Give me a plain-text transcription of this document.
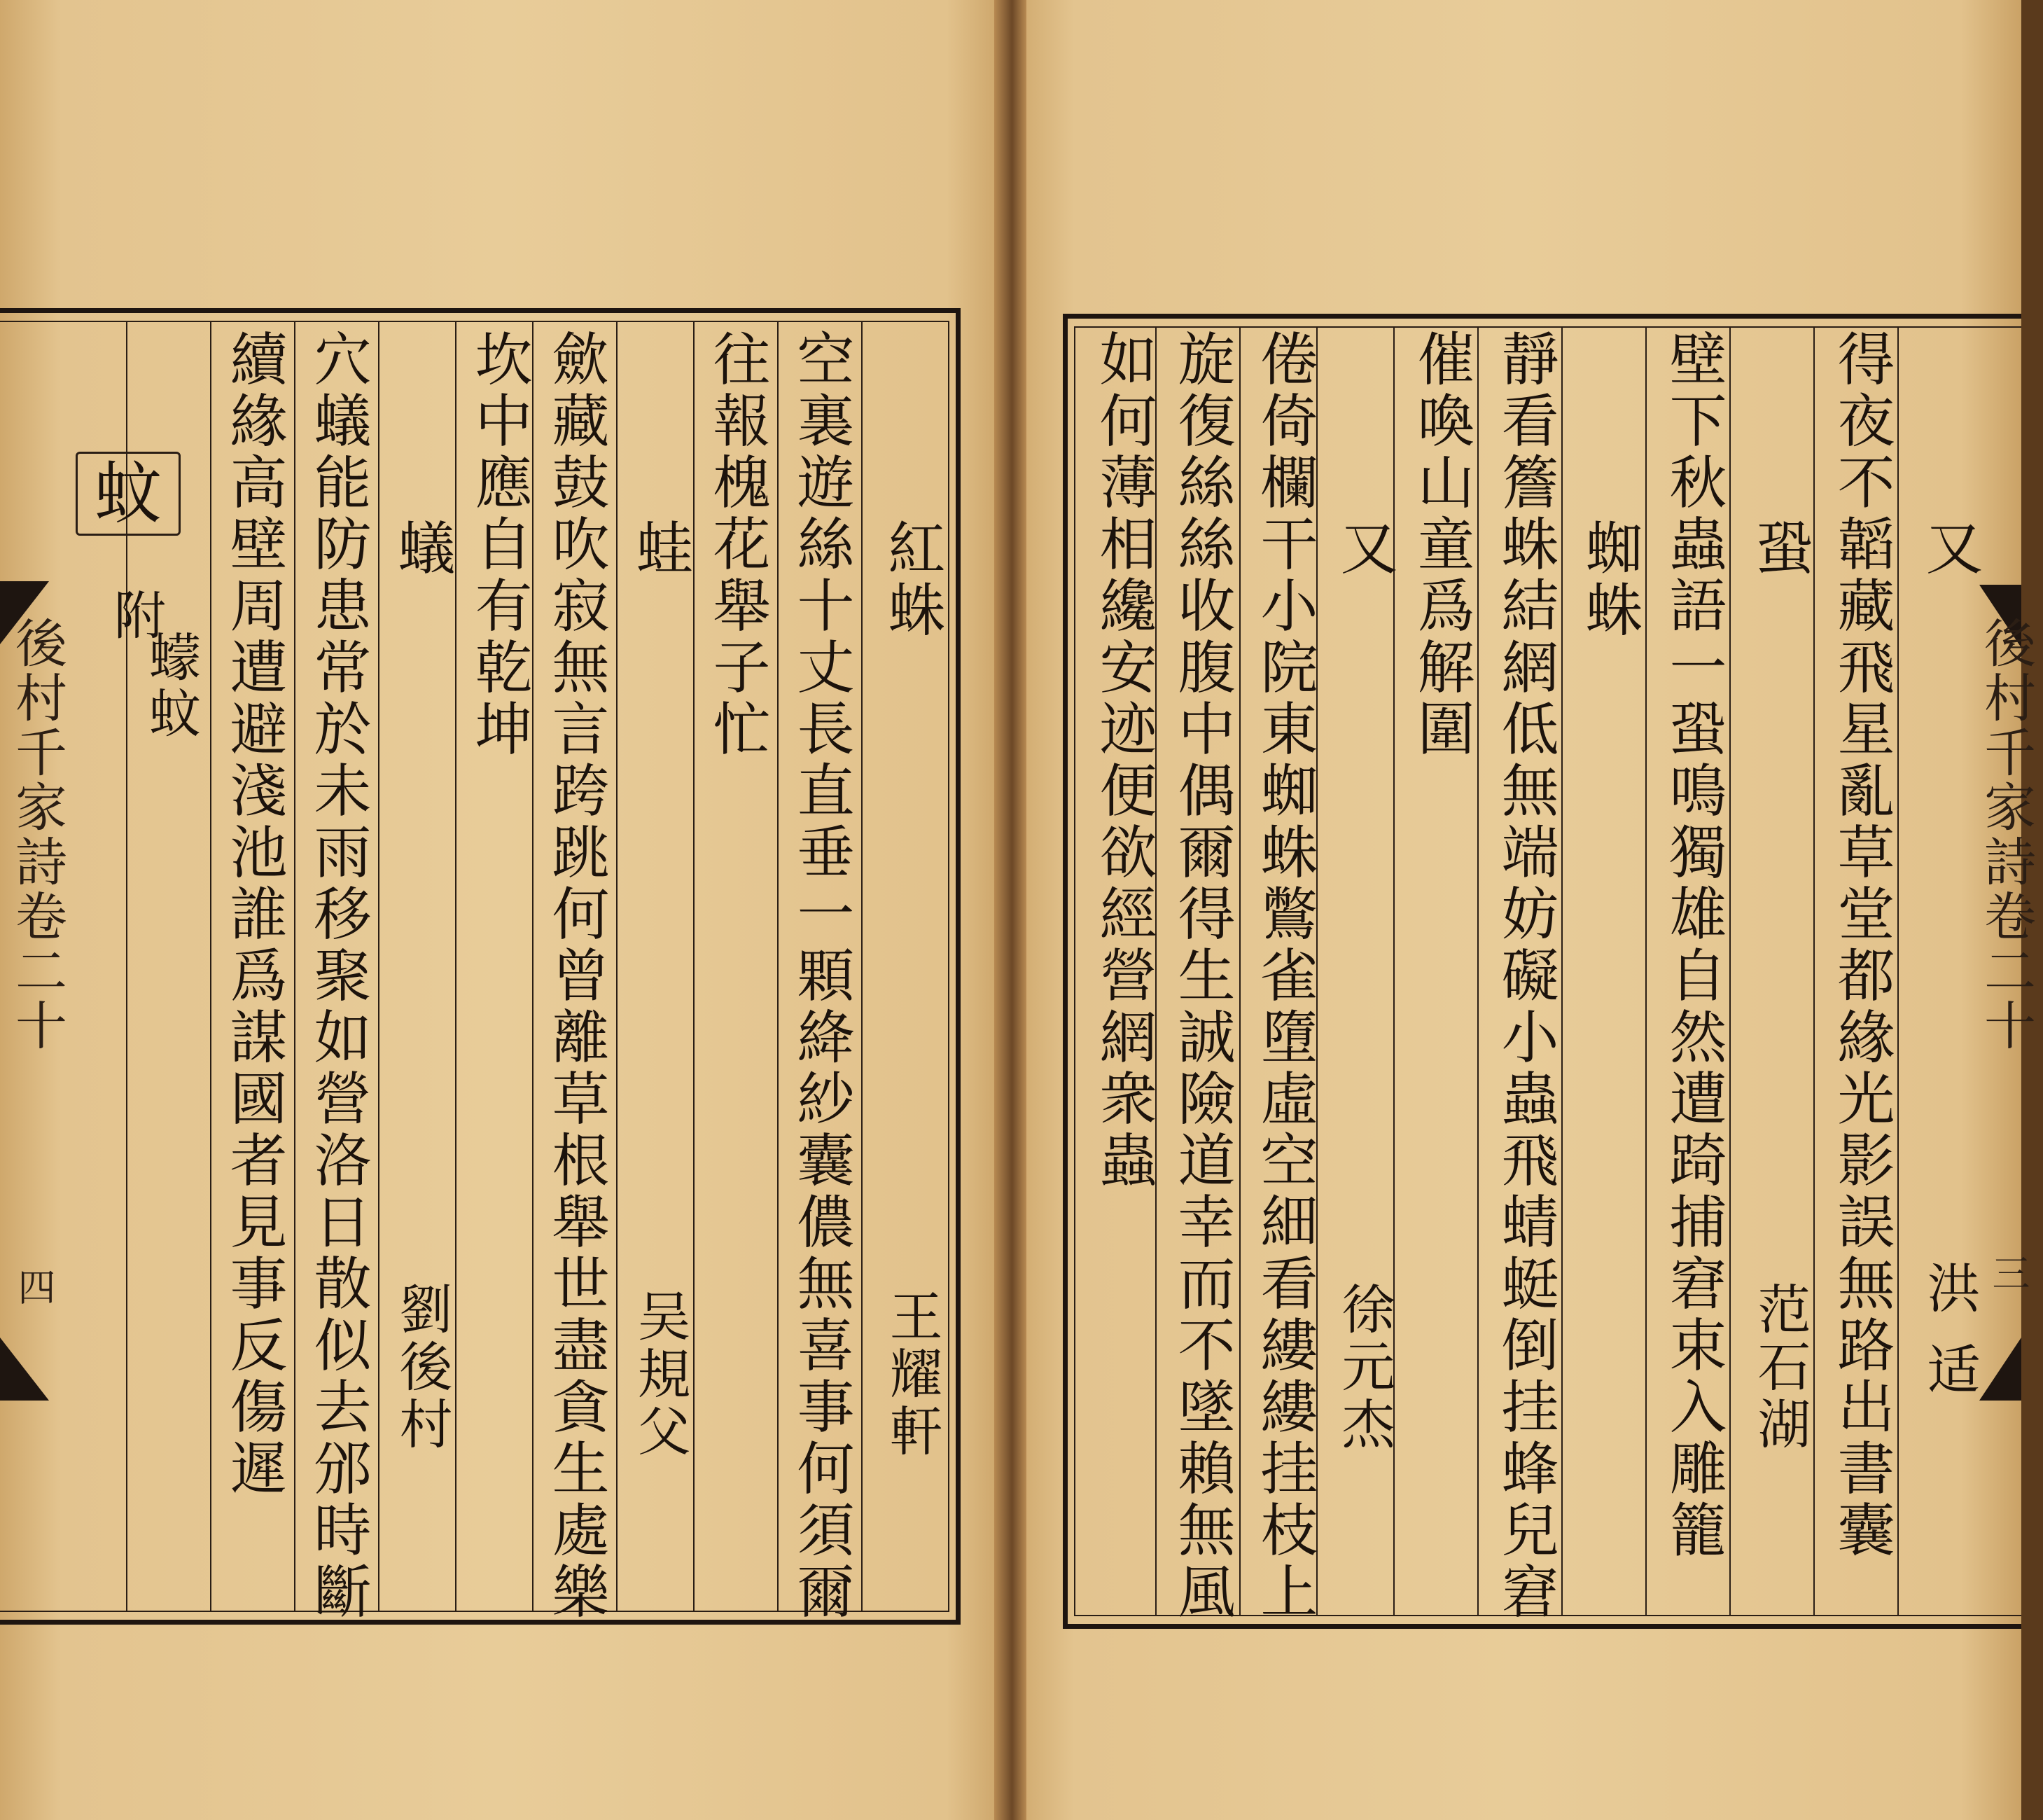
紅蛛
王耀軒
空裏遊絲十丈長直垂一顆絳紗囊儂無喜事何須爾
往報槐花舉子忙
蛙
吴規父
歛藏鼓吹寂無言跨跳何曾離草根舉世盡貪生處樂
坎中應自有乾坤
蟻
劉後村
穴蟻能防患常於未雨移聚如營洛日散似去邠時斷
續緣高壁周遭避淺池誰爲謀國者見事反傷遲
蚊
附
蠓蚊
後村千家詩卷二十
四
又
洪适
得夜不韜藏飛星亂草堂都緣光影誤無路出書囊
蛩
范石湖
壁下秋蟲語一蛩鳴獨雄自然遭踦捕窘束入雕籠
蜘蛛
靜看簷蛛結網低無端妨礙小蟲飛蜻蜓倒挂蜂兒窘
催喚山童爲解圍
又
徐元杰
倦倚欄干小院東蜘蛛鷩雀墮虛空細看縷縷挂枝上
旋復絲絲收腹中偶爾得生誠險道幸而不墜賴無風
如何薄相纔安迹便欲經營網衆蟲	後村千家詩卷二十
三
